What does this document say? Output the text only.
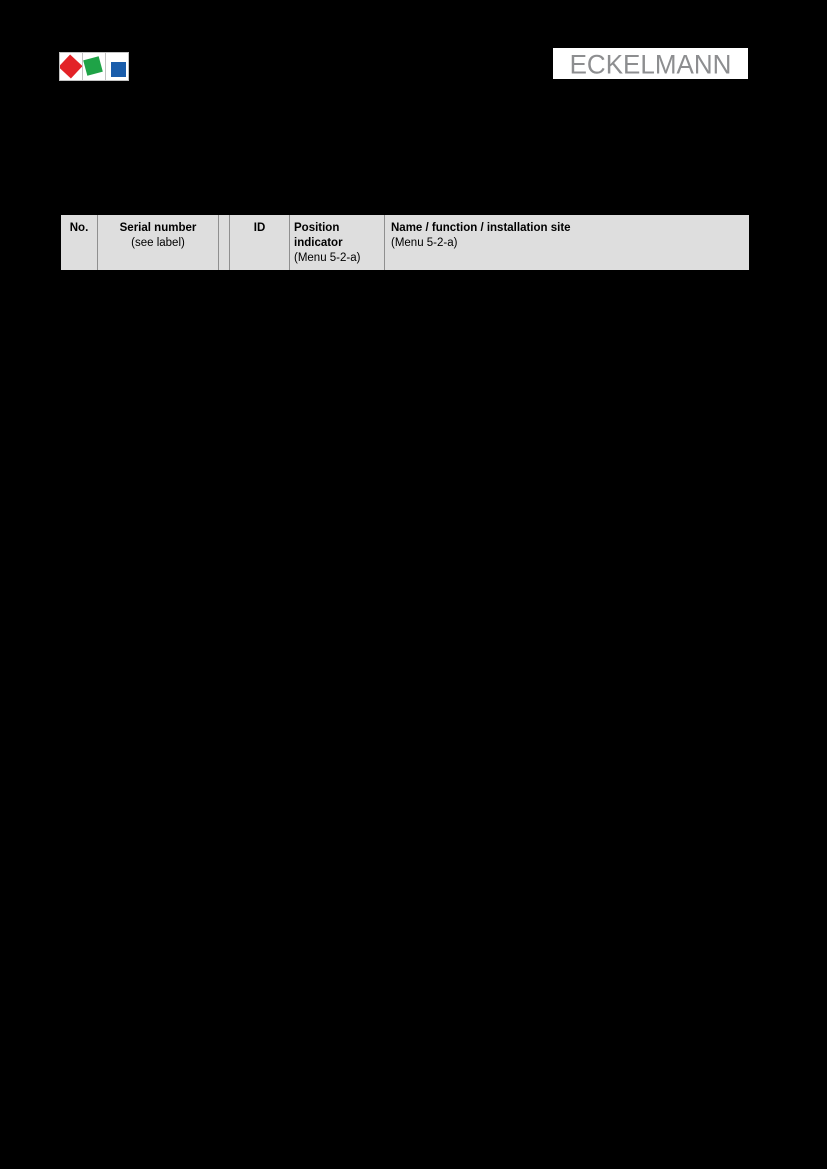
ECKELMANN
No.	Serial number
(see label)
ID	Position indicator
(Menu 5-2-a)
Name / function / installation site
(Menu 5-2-a)
